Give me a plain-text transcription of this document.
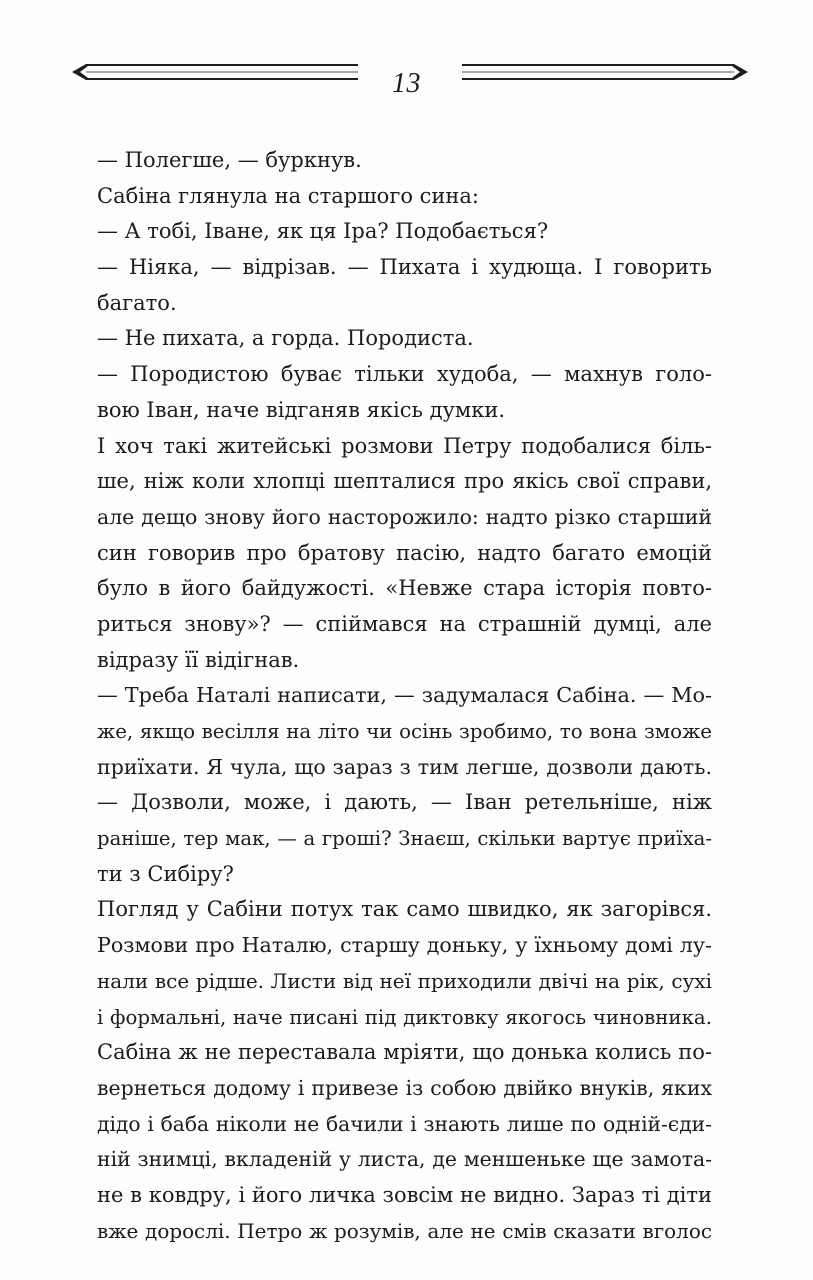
13
— Полегше, — буркнув.
Сабіна глянула на старшого сина:
— А тобі, Іване, як ця Іра? Подобається?
— Ніяка, — відрізав. — Пихата і худюща. І говорить
багато.
— Не пихата, а горда. Породиста.
— Породистою буває тільки худоба, — махнув голо-
вою Іван, наче відганяв якісь думки.
І хоч такі житейські розмови Петру подобалися біль-
ше, ніж коли хлопці шепталися про якісь свої справи,
але дещо знову його насторожило: надто різко старший
син говорив про братову пасію, надто багато емоцій
було в його байдужості. «Невже стара історія повто-
риться знову»? — спіймався на страшній думці, але
відразу її відігнав.
— Треба Наталі написати, — задумалася Сабіна. — Мо-
же, якщо весілля на літо чи осінь зробимо, то вона зможе
приїхати. Я чула, що зараз з тим легше, дозволи дають.
— Дозволи, може, і дають, — Іван ретельніше, ніж
раніше, тер мак, — а гроші? Знаєш, скільки вартує приїха-
ти з Сибіру?
Погляд у Сабіни потух так само швидко, як загорівся.
Розмови про Наталю, старшу доньку, у їхньому домі лу-
нали все рідше. Листи від неї приходили двічі на рік, сухі
і формальні, наче писані під диктовку якогось чиновника.
Сабіна ж не переставала мріяти, що донька колись по-
вернеться додому і привезе із собою двійко внуків, яких
дідо і баба ніколи не бачили і знають лише по одній-єди-
ній знимці, вкладеній у листа, де меншеньке ще замота-
не в ковдру, і його личка зовсім не видно. Зараз ті діти
вже дорослі. Петро ж розумів, але не смів сказати вголос
